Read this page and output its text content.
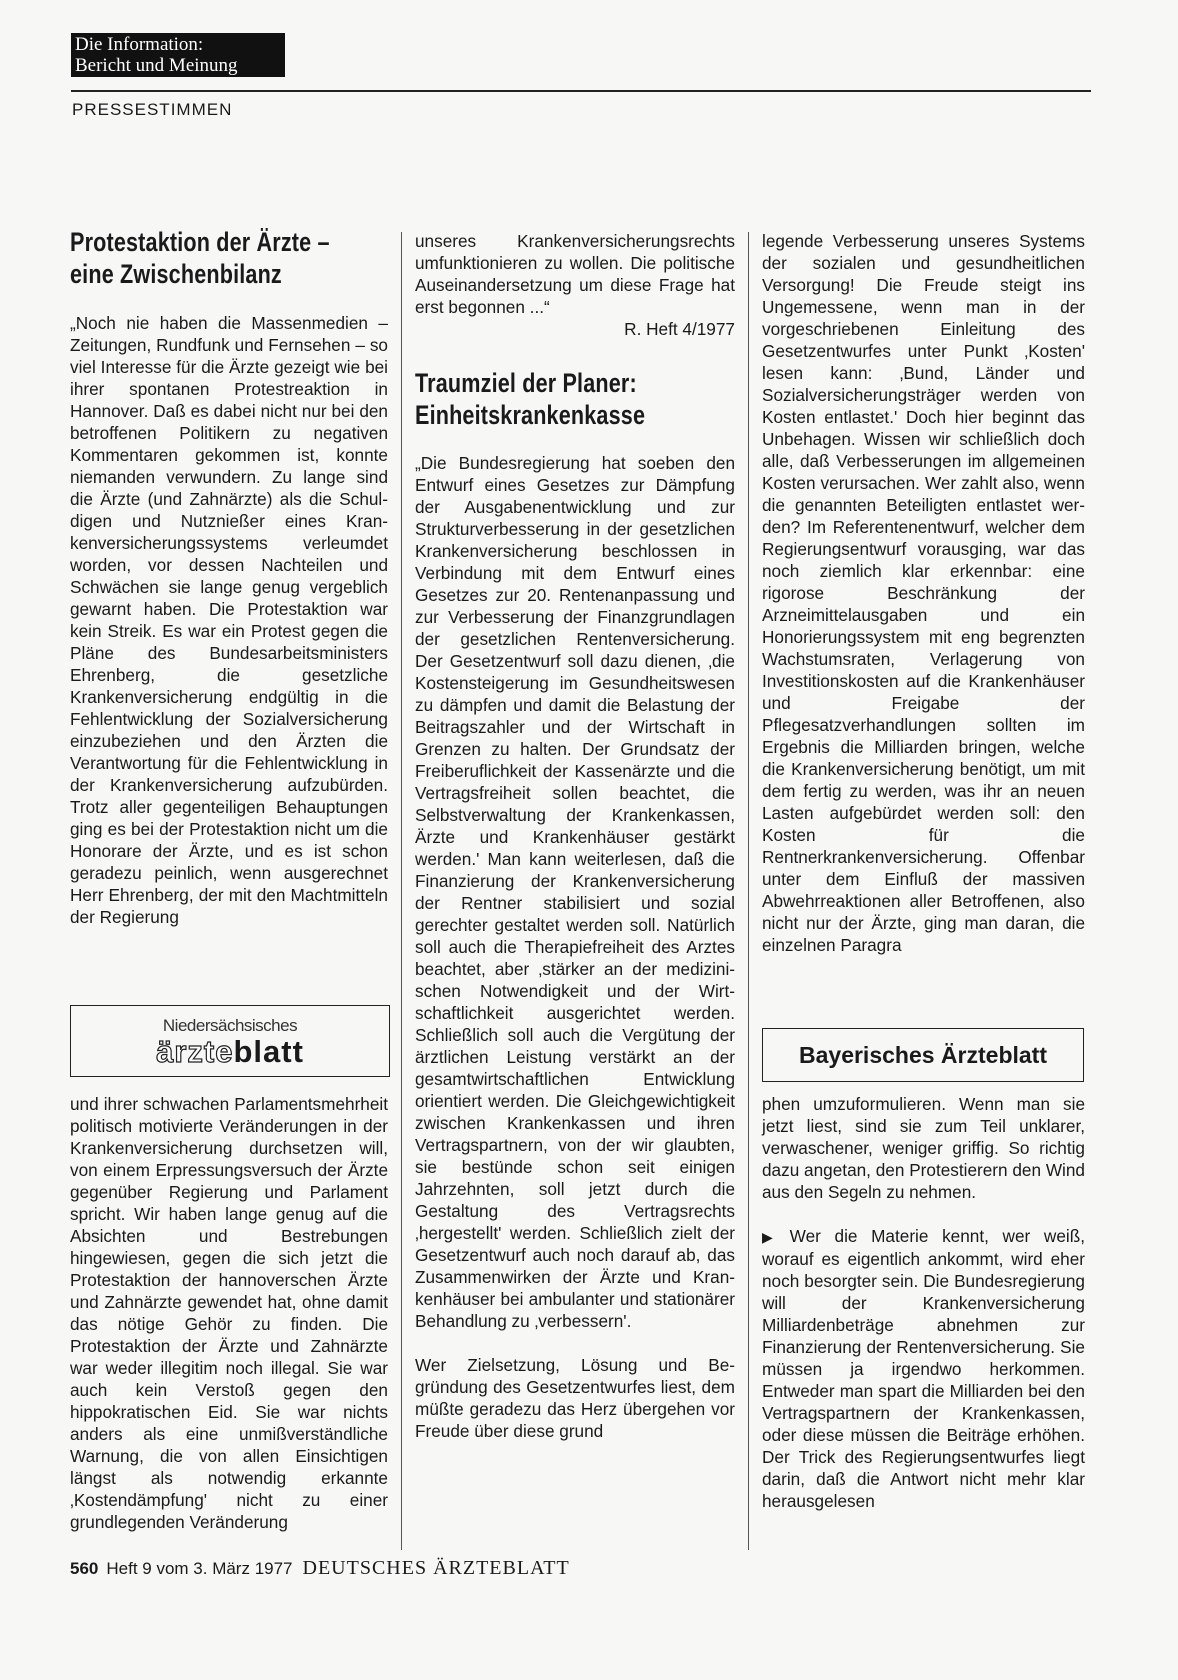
Die Information:
Bericht und Meinung
PRESSESTIMMEN
Protestaktion der Ärzte –
eine Zwischenbilanz

„Noch nie haben die Massenmedien – Zeitungen, Rundfunk und Fernsehen – so viel Interesse für die Ärzte gezeigt wie bei ihrer spontanen Protestreaktion in Hannover. Daß es dabei nicht nur bei den betroffenen Politikern zu negativen Kommentaren gekommen ist, konnte niemanden verwundern. Zu lange sind die Ärzte (und Zahnärzte) als die Schuldigen und Nutznießer eines Krankenversicherungssystems verleumdet worden, vor dessen Nachteilen und Schwächen sie lange genug vergeblich gewarnt haben. Die Protestaktion war kein Streik. Es war ein Protest gegen die Pläne des Bundesarbeitsministers Ehrenberg, die gesetzliche Krankenversicherung endgültig in die Fehlentwicklung der Sozialversicherung einzubeziehen und den Ärzten die Verantwortung für die Fehlentwicklung in der Krankenversicherung aufzubürden. Trotz aller gegenteiligen Behauptungen ging es bei der Protestaktion nicht um die Honorare der Ärzte, und es ist schon geradezu peinlich, wenn ausgerechnet Herr Ehrenberg, der mit den Machtmitteln der Regierung

Niedersächsisches
ärzteblatt

und ihrer schwachen Parlamentsmehrheit politisch motivierte Veränderungen in der Krankenversicherung durchsetzen will, von einem Erpressungsversuch der Ärzte gegenüber Regierung und Parlament spricht. Wir haben lange genug auf die Absichten und Bestrebungen hingewiesen, gegen die sich jetzt die Protestaktion der hannoverschen Ärzte und Zahnärzte gewendet hat, ohne damit das nötige Gehör zu finden. Die Protestaktion der Ärzte und Zahnärzte war weder illegitim noch illegal. Sie war auch kein Verstoß gegen den hippokratischen Eid. Sie war nichts anders als eine unmißverständliche Warnung, die von allen Einsichtigen längst als notwendig erkannte ‚Kostendämpfung' nicht zu einer grundlegenden Veränderung

unseres Krankenversicherungsrechts umfunktionieren zu wollen. Die politische Auseinandersetzung um diese Frage hat erst begonnen ...“

R. Heft 4/1977
Traumziel der Planer:
Einheitskrankenkasse

„Die Bundesregierung hat soeben den Entwurf eines Gesetzes zur Dämpfung der Ausgabenentwicklung und zur Strukturverbesserung in der gesetzlichen Krankenversicherung beschlossen in Verbindung mit dem Entwurf eines Gesetzes zur 20. Rentenanpassung und zur Verbesserung der Finanzgrundlagen der gesetzlichen Rentenversicherung. Der Gesetzentwurf soll dazu dienen, ‚die Kostensteigerung im Gesundheitswesen zu dämpfen und damit die Belastung der Beitragszahler und der Wirtschaft in Grenzen zu halten. Der Grundsatz der Freiberuflichkeit der Kassenärzte und die Vertragsfreiheit sollen beachtet, die Selbstverwaltung der Krankenkassen, Ärzte und Krankenhäuser gestärkt werden.' Man kann weiterlesen, daß die Finanzierung der Krankenversicherung der Rentner stabilisiert und sozial gerechter gestaltet werden soll. Natürlich soll auch die Therapiefreiheit des Arztes beachtet, aber ‚stärker an der medizinischen Notwendigkeit und der Wirtschaftlichkeit ausgerichtet werden. Schließlich soll auch die Vergütung der ärztlichen Leistung verstärkt an der gesamtwirtschaftlichen Entwicklung orientiert werden. Die Gleichgewichtigkeit zwischen Krankenkassen und ihren Vertragspartnern, von der wir glaubten, sie bestünde schon seit einigen Jahrzehnten, soll jetzt durch die Gestaltung des Vertragsrechts ‚hergestellt' werden. Schließlich zielt der Gesetzentwurf auch noch darauf ab, das Zusammenwirken der Ärzte und Krankenhäuser bei ambulanter und stationärer Behandlung zu ‚verbessern'.

Wer Zielsetzung, Lösung und Begründung des Gesetzentwurfes liest, dem müßte geradezu das Herz übergehen vor Freude über diese grund

legende Verbesserung unseres Systems der sozialen und gesundheitlichen Versorgung! Die Freude steigt ins Ungemessene, wenn man in der vorgeschriebenen Einleitung des Gesetzentwurfes unter Punkt ‚Kosten' lesen kann: ‚Bund, Länder und Sozialversicherungsträger werden von Kosten entlastet.' Doch hier beginnt das Unbehagen. Wissen wir schließlich doch alle, daß Verbesserungen im allgemeinen Kosten verursachen. Wer zahlt also, wenn die genannten Beteiligten entlastet werden? Im Referentenentwurf, welcher dem Regierungsentwurf vorausging, war das noch ziemlich klar erkennbar: eine rigorose Beschränkung der Arzneimittelausgaben und ein Honorierungssystem mit eng begrenzten Wachstumsraten, Verlagerung von Investitionskosten auf die Krankenhäuser und Freigabe der Pflegesatzverhandlungen sollten im Ergebnis die Milliarden bringen, welche die Krankenversicherung benötigt, um mit dem fertig zu werden, was ihr an neuen Lasten aufgebürdet werden soll: den Kosten für die Rentnerkrankenversicherung. Offenbar unter dem Einfluß der massiven Abwehrreaktionen aller Betroffenen, also nicht nur der Ärzte, ging man daran, die einzelnen Paragra

Bayerisches Ärzteblatt

phen umzuformulieren. Wenn man sie jetzt liest, sind sie zum Teil unklarer, verwaschener, weniger griffig. So richtig dazu angetan, den Protestierern den Wind aus den Segeln zu nehmen.

▶ Wer die Materie kennt, wer weiß, worauf es eigentlich ankommt, wird eher noch besorgter sein. Die Bundesregierung will der Krankenversicherung Milliardenbeträge abnehmen zur Finanzierung der Rentenversicherung. Sie müssen ja irgendwo herkommen. Entweder man spart die Milliarden bei den Vertragspartnern der Krankenkassen, oder diese müssen die Beiträge erhöhen. Der Trick des Regierungsentwurfes liegt darin, daß die Antwort nicht mehr klar herausgelesen

560 Heft 9 vom 3. März 1977 DEUTSCHES ÄRZTEBLATT
